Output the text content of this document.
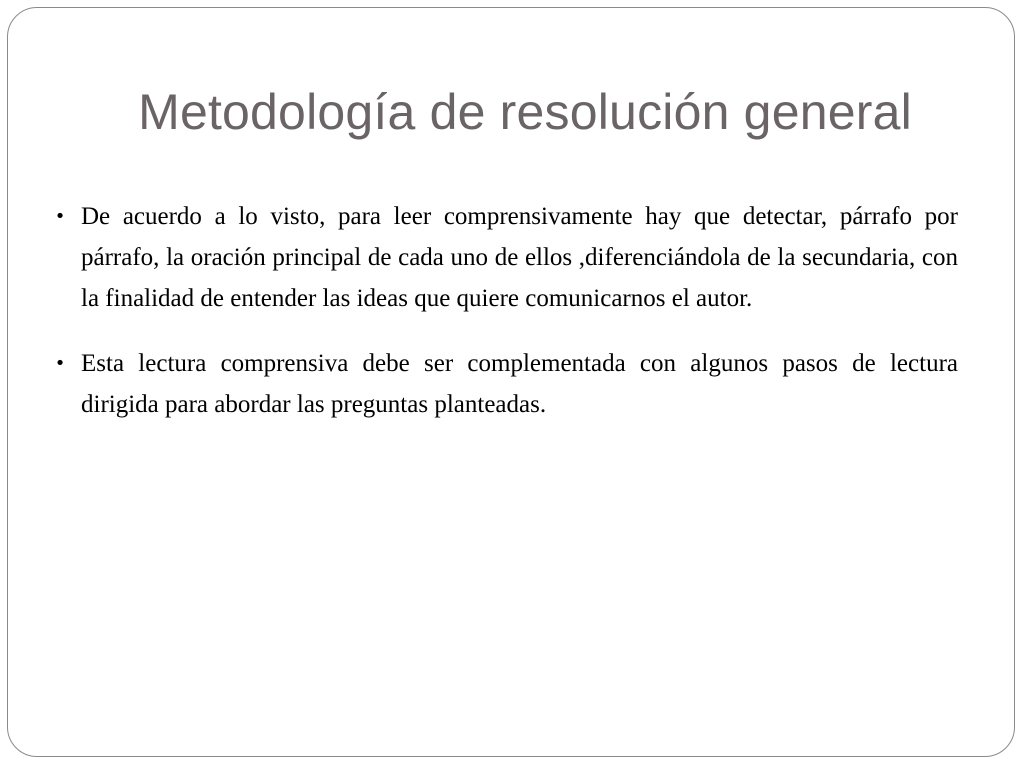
Metodología de resolución general
• De acuerdo a lo visto, para leer comprensivamente hay que detectar, párrafo por párrafo, la oración principal de cada uno de ellos ,diferenciándola de la secundaria, con la finalidad de entender las ideas que quiere comunicarnos el autor.
• Esta lectura comprensiva debe ser complementada con algunos pasos de lectura dirigida para abordar las preguntas planteadas.
